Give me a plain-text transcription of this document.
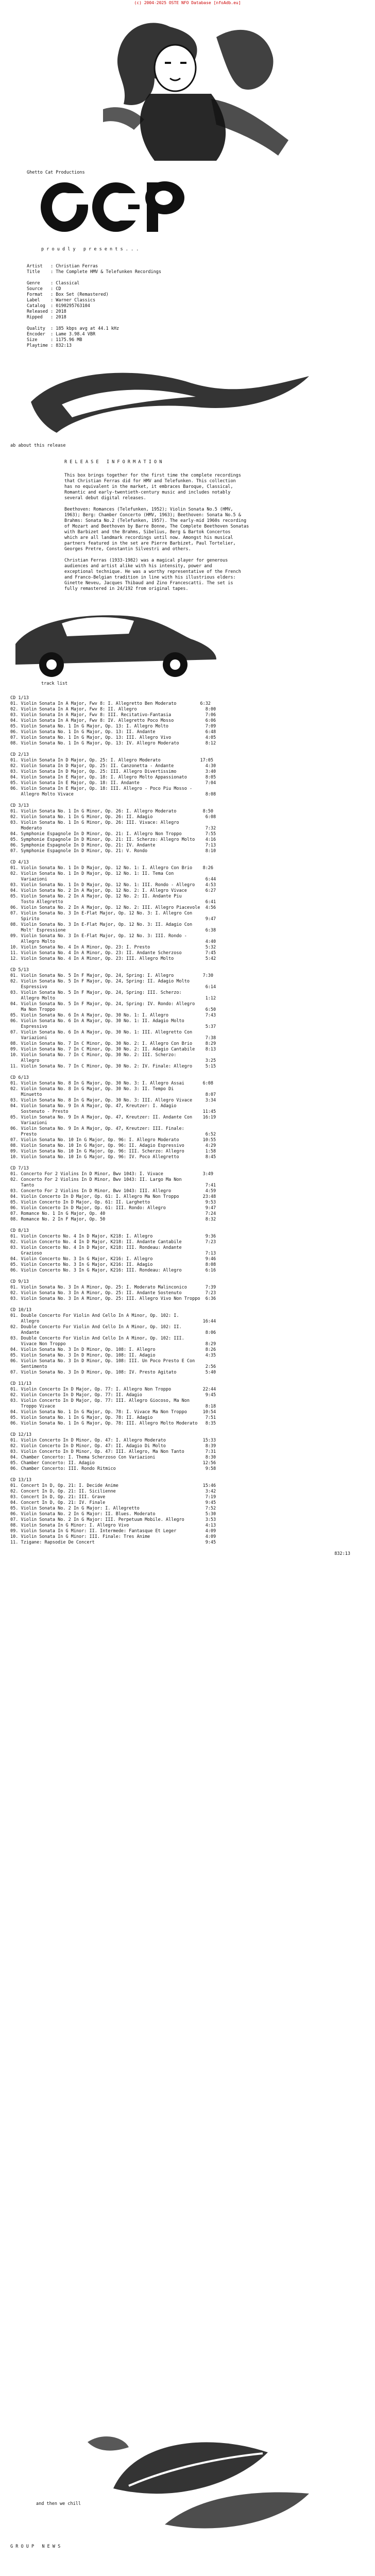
(c) 2004-2025 OSTE NFO Database [nfoAdb.eu]
Ghetto Cat Productions
p r o u d l y   p r e s e n t s . . .
Artist   : Christian Ferras
Title    : The Complete HMV & Telefunken Recordings

Genre    : Classical
Source   : CD
Format   : Box Set (Remastered)
Label    : Warner Classics
Catalog  : 0190295763104
Released : 2018
Ripped   : 2018

Quality  : 185 kbps avg at 44.1 kHz
Encoder  : Lame 3.98.4 VBR
Size     : 1175.96 MB
Playtime : 832:13
ab about this release
R E L E A S E   I N F O R M A T I O N
This box brings together for the first time the complete recordings
that Christian Ferras did for HMV and Telefunken. This collection
has no equivalent in the market, it embraces Baroque, Classical,
Romantic and early-twentieth-century music and includes notably
several debut digital releases.

Beethoven: Romances (Telefunken, 1952); Violin Sonata No.5 (HMV,
1963); Berg: Chamber Concerto (HMV, 1963); Beethoven: Sonata No.5 &
Brahms: Sonata No.2 (Telefunken, 1957). The early-mid 1960s recording
of Mozart and Beethoven by Barre Bonne, The Complete Beethoven Sonatas
with Barbizet and the Brahms, Sibelius, Berg & Bartok Concertos
which are all landmark recordings until now. Amongst his musical
partners featured in the set are Pierre Barbizet, Paul Tortelier,
Georges Pretre, Constantin Silvestri and others.

Christian Ferras (1933-1982) was a magical player for generous
audiences and artist alike with his intensity, power and
exceptional technique. He was a worthy representative of the French
and Franco-Belgian tradition in line with his illustrious elders:
Ginette Neveu, Jacques Thibaud and Zino Francescatti. The set is
fully remastered in 24/192 from original tapes.
track list
CD 1/13
01. Violin Sonata In A Major, Fwv 8: I. Allegretto Ben Moderato         6:32
02. Violin Sonata In A Major, Fwv 8: II. Allegro                          8:00
03. Violin Sonata In A Major, Fwv 8: III. Recitativo-Fantasia             7:06
04. Violin Sonata In A Major, Fwv 8: IV. Allegretto Poco Mosso            6:06
05. Violin Sonata No. 1 In G Major, Op. 13: I. Allegro Molto              7:09
06. Violin Sonata No. 1 In G Major, Op. 13: II. Andante                   6:48
07. Violin Sonata No. 1 In G Major, Op. 13: III. Allegro Vivo             4:05
08. Violin Sonata No. 1 In G Major, Op. 13: IV. Allegro Moderato          8:12

CD 2/13
01. Violin Sonata In D Major, Op. 25: I. Allegro Moderato               17:05
02. Violin Sonata In D Major, Op. 25: II. Canzonetta - Andante            4:30
03. Violin Sonata In D Major, Op. 25: III. Allegro Divertissimo           3:40
04. Violin Sonata In E Major, Op. 18: I. Allegro Molto Appassionato       8:05
05. Violin Sonata In E Major, Op. 18: II. Andante                         7:04
06. Violin Sonata In E Major, Op. 18: III. Allegro - Poco Piu Mosso -
Allegro Molto Vivace                                                  8:08

CD 3/13
01. Violin Sonata No. 1 In G Minor, Op. 26: I. Allegro Moderato          8:50
02. Violin Sonata No. 1 In G Minor, Op. 26: II. Adagio                    6:08
03. Violin Sonata No. 1 In G Minor, Op. 26: III. Vivace: Allegro
Moderato                                                              7:32
04. Symphonie Espagnole In D Minor, Op. 21: I. Allegro Non Troppo         7:55
05. Symphonie Espagnole In D Minor, Op. 21: II. Scherzo: Allegro Molto    4:16
06. Symphonie Espagnole In D Minor, Op. 21: IV. Andante                   7:13
07. Symphonie Espagnole In D Minor, Op. 21: V. Rondo                      8:10

CD 4/13
01. Violin Sonata No. 1 In D Major, Op. 12 No. 1: I. Allegro Con Brio    8:26
02. Violin Sonata No. 1 In D Major, Op. 12 No. 1: II. Tema Con
Variazioni                                                            6:44
03. Violin Sonata No. 1 In D Major, Op. 12 No. 1: III. Rondo - Allegro    4:53
04. Violin Sonata No. 2 In A Major, Op. 12 No. 2: I. Allegro Vivace       6:27
05. Violin Sonata No. 2 In A Major, Op. 12 No. 2: II. Andante Piu
Tosto Allegretto                                                      6:41
06. Violin Sonata No. 2 In A Major, Op. 12 No. 2: III. Allegro Piacevole  4:56
07. Violin Sonata No. 3 In E-Flat Major, Op. 12 No. 3: I. Allegro Con
Spirito                                                               9:47
08. Violin Sonata No. 3 In E-Flat Major, Op. 12 No. 3: II. Adagio Con
Molt' Espressione                                                     6:38
09. Violin Sonata No. 3 In E-Flat Major, Op. 12 No. 3: III. Rondo -
Allegro Molto                                                         4:40
10. Violin Sonata No. 4 In A Minor, Op. 23: I. Presto                     5:32
11. Violin Sonata No. 4 In A Minor, Op. 23: II. Andante Scherzoso         7:45
12. Violin Sonata No. 4 In A Minor, Op. 23: III. Allegro Molto            5:42

CD 5/13
01. Violin Sonata No. 5 In F Major, Op. 24, Spring: I. Allegro           7:30
02. Violin Sonata No. 5 In F Major, Op. 24, Spring: II. Adagio Molto
Espressivo                                                            6:14
03. Violin Sonata No. 5 In F Major, Op. 24, Spring: III. Scherzo:
Allegro Molto                                                         1:12
04. Violin Sonata No. 5 In F Major, Op. 24, Spring: IV. Rondo: Allegro
Ma Non Troppo                                                         6:50
05. Violin Sonata No. 6 In A Major, Op. 30 No. 1: I. Allegro              7:43
06. Violin Sonata No. 6 In A Major, Op. 30 No. 1: II. Adagio Molto
Espressivo                                                            5:37
07. Violin Sonata No. 6 In A Major, Op. 30 No. 1: III. Allegretto Con
Variazioni                                                            7:38
08. Violin Sonata No. 7 In C Minor, Op. 30 No. 2: I. Allegro Con Brio     8:29
09. Violin Sonata No. 7 In C Minor, Op. 30 No. 2: II. Adagio Cantabile    8:13
10. Violin Sonata No. 7 In C Minor, Op. 30 No. 2: III. Scherzo:
Allegro                                                               3:25
11. Violin Sonata No. 7 In C Minor, Op. 30 No. 2: IV. Finale: Allegro     5:15

CD 6/13
01. Violin Sonata No. 8 In G Major, Op. 30 No. 3: I. Allegro Assai       6:08
02. Violin Sonata No. 8 In G Major, Op. 30 No. 3: II. Tempo Di
Minuetto                                                              8:07
03. Violin Sonata No. 8 In G Major, Op. 30 No. 3: III. Allegro Vivace     3:34
04. Violin Sonata No. 9 In A Major, Op. 47, Kreutzer: I. Adagio
Sostenuto - Presto                                                   11:45
05. Violin Sonata No. 9 In A Major, Op. 47, Kreutzer: II. Andante Con    16:19
Variazioni
06. Violin Sonata No. 9 In A Major, Op. 47, Kreutzer: III. Finale:
Presto                                                                6:52
07. Violin Sonata No. 10 In G Major, Op. 96: I. Allegro Moderato         10:55
08. Violin Sonata No. 10 In G Major, Op. 96: II. Adagio Espressivo        4:29
09. Violin Sonata No. 10 In G Major, Op. 96: III. Scherzo: Allegro        1:58
10. Violin Sonata No. 10 In G Major, Op. 96: IV. Poco Allegretto          8:45

CD 7/13
01. Concerto For 2 Violins In D Minor, Bwv 1043: I. Vivace               3:49
02. Concerto For 2 Violins In D Minor, Bwv 1043: II. Largo Ma Non
Tanto                                                                 7:41
03. Concerto For 2 Violins In D Minor, Bwv 1043: III. Allegro             4:59
04. Violin Concerto In D Major, Op. 61: I. Allegro Ma Non Troppo         23:48
05. Violin Concerto In D Major, Op. 61: II. Larghetto                     9:53
06. Violin Concerto In D Major, Op. 61: III. Rondo: Allegro               9:47
07. Romance No. 1 In G Major, Op. 40                                      7:24
08. Romance No. 2 In F Major, Op. 50                                      8:32

CD 8/13
01. Violin Concerto No. 4 In D Major, K218: I. Allegro                    9:36
02. Violin Concerto No. 4 In D Major, K218: II. Andante Cantabile         7:23
03. Violin Concerto No. 4 In D Major, K218: III. Rondeau: Andante
Grazioso                                                              7:13
04. Violin Concerto No. 3 In G Major, K216: I. Allegro                    9:46
05. Violin Concerto No. 3 In G Major, K216: II. Adagio                    8:08
06. Violin Concerto No. 3 In G Major, K216: III. Rondeau: Allegro         6:16

CD 9/13
01. Violin Sonata No. 3 In A Minor, Op. 25: I. Moderato Malinconico       7:39
02. Violin Sonata No. 3 In A Minor, Op. 25: II. Andante Sostenuto         7:23
03. Violin Sonata No. 3 In A Minor, Op. 25: III. Allegro Vivo Non Troppo  6:36

CD 10/13
01. Double Concerto For Violin And Cello In A Minor, Op. 102: I.
Allegro                                                              16:44
02. Double Concerto For Violin And Cello In A Minor, Op. 102: II.
Andante                                                               8:06
03. Double Concerto For Violin And Cello In A Minor, Op. 102: III.
Vivace Non Troppo                                                     8:29
04. Violin Sonata No. 3 In D Minor, Op. 108: I. Allegro                   8:26
05. Violin Sonata No. 3 In D Minor, Op. 108: II. Adagio                   4:35
06. Violin Sonata No. 3 In D Minor, Op. 108: III. Un Poco Presto E Con
Sentimento                                                            2:56
07. Violin Sonata No. 3 In D Minor, Op. 108: IV. Presto Agitato           5:40

CD 11/13
01. Violin Concerto In D Major, Op. 77: I. Allegro Non Troppo            22:44
02. Violin Concerto In D Major, Op. 77: II. Adagio                        9:45
03. Violin Concerto In D Major, Op. 77: III. Allegro Giocoso, Ma Non
Troppo Vivace                                                         8:18
04. Violin Sonata No. 1 In G Major, Op. 78: I. Vivace Ma Non Troppo      10:54
05. Violin Sonata No. 1 In G Major, Op. 78: II. Adagio                    7:51
06. Violin Sonata No. 1 In G Major, Op. 78: III. Allegro Molto Moderato   8:35

CD 12/13
01. Violin Concerto In D Minor, Op. 47: I. Allegro Moderato              15:33
02. Violin Concerto In D Minor, Op. 47: II. Adagio Di Molto               8:39
03. Violin Concerto In D Minor, Op. 47: III. Allegro, Ma Non Tanto        7:31
04. Chamber Concerto: I. Thema Scherzoso Con Variazioni                   8:30
05. Chamber Concerto: II. Adagio                                         12:56
06. Chamber Concerto: III. Rondo Ritmico                                  9:58

CD 13/13
01. Concert In D, Op. 21: I. Decide Anime                                15:46
02. Concert In D, Op. 21: II. Sicilienne                                  3:42
03. Concert In D, Op. 21: III. Grave                                      7:19
04. Concert In D, Op. 21: IV. Finale                                      9:45
05. Violin Sonata No. 2 In G Major: I. Allegretto                         7:52
06. Violin Sonata No. 2 In G Major: II. Blues. Moderato                   5:30
07. Violin Sonata No. 2 In G Major: III. Perpetuum Mobile. Allegro        3:53
08. Violin Sonata In G Minor: I. Allegro Vivo                             4:13
09. Violin Sonata In G Minor: II. Intermede: Fantasque Et Leger           4:09
10. Violin Sonata In G Minor: III. Finale: Tres Anime                     4:09
11. Tzigane: Rapsodie De Concert                                          9:45

832:13
and then we chill
G R O U P   N E W S
